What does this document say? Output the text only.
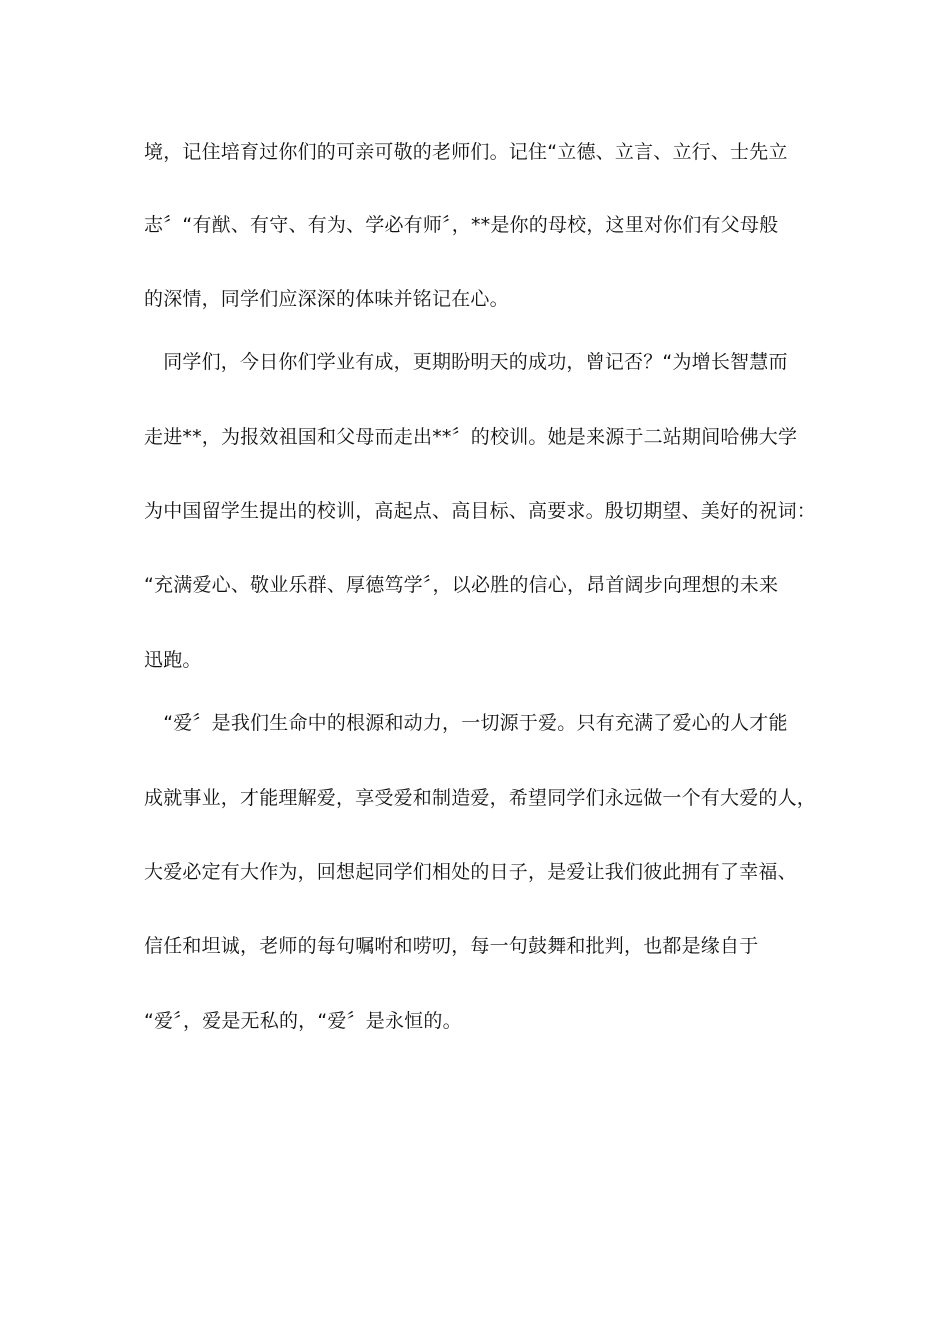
境，记住培育过你们的可亲可敬的老师们。记住“立德、立言、立行、士先立
志〞“有猷、有守、有为、学必有师〞，**是你的母校，这里对你们有父母般
的深情，同学们应深深的体味并铭记在心。
　同学们，今日你们学业有成，更期盼明天的成功，曾记否？“为增长智慧而
走进**，为报效祖国和父母而走出**〞的校训。她是来源于二站期间哈佛大学
为中国留学生提出的校训，高起点、高目标、高要求。殷切期望、美好的祝词：
“充满爱心、敬业乐群、厚德笃学〞，以必胜的信心，昂首阔步向理想的未来
迅跑。
　“爱〞是我们生命中的根源和动力，一切源于爱。只有充满了爱心的人才能
成就事业，才能理解爱，享受爱和制造爱，希望同学们永远做一个有大爱的人，
大爱必定有大作为，回想起同学们相处的日子，是爱让我们彼此拥有了幸福、
信任和坦诚，老师的每句嘱咐和唠叨，每一句鼓舞和批判，也都是缘自于
“爱〞，爱是无私的，“爱〞是永恒的。
